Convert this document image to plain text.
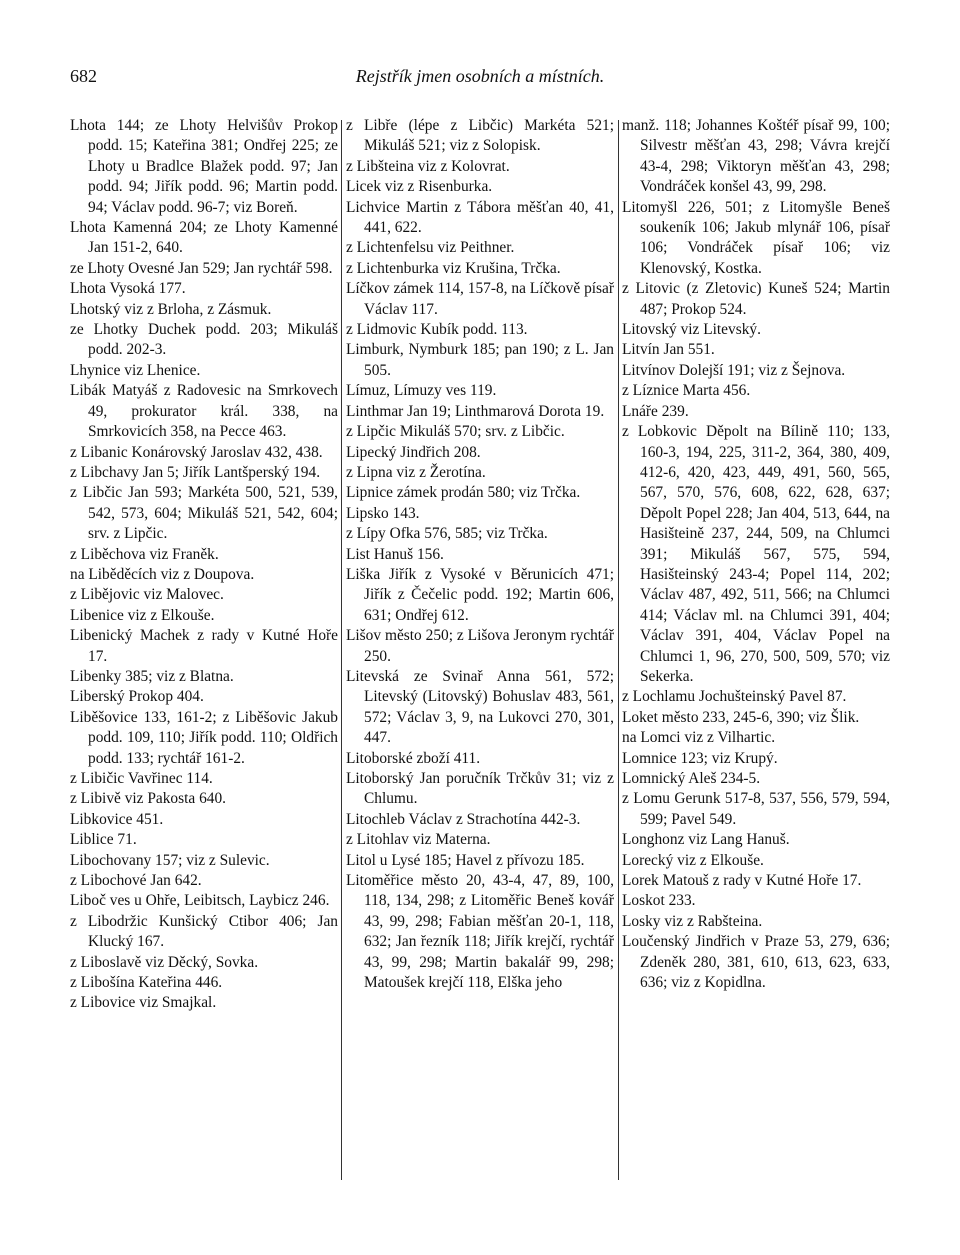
682	Rejstřík jmen osobních a místních.

Lhota 144; ze Lhoty Helvišův Prokop podd. 15; Kateřina 381; Ondřej 225; ze Lhoty u Bradlce Blažek podd. 97; Jan podd. 94; Jiřík podd. 96; Martin podd. 94; Václav podd. 96-7; viz Boreň.

Lhota Kamenná 204; ze Lhoty Kamenné Jan 151-2, 640.

ze Lhoty Ovesné Jan 529; Jan rychtář 598.

Lhota Vysoká 177.

Lhotský viz z Brloha, z Zásmuk.

ze Lhotky Duchek podd. 203; Mikuláš podd. 202-3.

Lhynice viz Lhenice.

Libák Matyáš z Radovesic na Smrkovech 49, prokurator král. 338, na Smrkovicích 358, na Pecce 463.

z Libanic Konárovský Jaroslav 432, 438.

z Libchavy Jan 5; Jiřík Lantšperský 194.

z Libčic Jan 593; Markéta 500, 521, 539, 542, 573, 604; Mikuláš 521, 542, 604; srv. z Lipčic.

z Liběchova viz Franěk.

na Liběděcích viz z Doupova.

z Libějovic viz Malovec.

Libenice viz z Elkouše.

Libenický Machek z rady v Kutné Hoře 17.

Libenky 385; viz z Blatna.

Liberský Prokop 404.

Liběšovice 133, 161-2; z Liběšovic Jakub podd. 109, 110; Jiřík podd. 110; Oldřich podd. 133; rychtář 161-2.

z Libičic Vavřinec 114.

z Libivě viz Pakosta 640.

Libkovice 451.

Liblice 71.

Libochovany 157; viz z Sulevic.

z Libochové Jan 642.

Liboč ves u Ohře, Leibitsch, Laybicz 246.

z Libodržic Kunšický Ctibor 406; Jan Klucký 167.

z Liboslavě viz Děcký, Sovka.

z Libošína Kateřina 446.

z Libovice viz Smajkal.

z Libře (lépe z Libčic) Markéta 521; Mikuláš 521; viz z Solopisk.

z Libšteina viz z Kolovrat.

Licek viz z Risenburka.

Lichvice Martin z Tábora měšťan 40, 41, 441, 622.

z Lichtenfelsu viz Peithner.

z Lichtenburka viz Krušina, Trčka.

Líčkov zámek 114, 157-8, na Líčkově písař Václav 117.

z Lidmovic Kubík podd. 113.

Limburk, Nymburk 185; pan 190; z L. Jan 505.

Límuz, Límuzy ves 119.

Linthmar Jan 19; Linthmarová Dorota 19.

z Lipčic Mikuláš 570; srv. z Libčic.

Lipecký Jindřich 208.

z Lipna viz z Žerotína.

Lipnice zámek prodán 580; viz Trčka.

Lipsko 143.

z Lípy Ofka 576, 585; viz Trčka.

List Hanuš 156.

Liška Jiřík z Vysoké v Běrunicích 471; Jiřík z Čečelic podd. 192; Martin 606, 631; Ondřej 612.

Lišov město 250; z Lišova Jeronym rychtář 250.

Litevská ze Svinař Anna 561, 572; Litevský (Litovský) Bohuslav 483, 561, 572; Václav 3, 9, na Lukovci 270, 301, 447.

Litoborské zboží 411.

Litoborský Jan poručník Trčkův 31; viz z Chlumu.

Litochleb Václav z Strachotína 442-3.

z Litohlav viz Materna.

Litol u Lysé 185; Havel z přívozu 185.

Litoměřice město 20, 43-4, 47, 89, 100, 118, 134, 298; z Litoměřic Beneš kovář 43, 99, 298; Fabian měšťan 20-1, 118, 632; Jan řezník 118; Jiřík krejčí, rychtář 43, 99, 298; Martin bakalář 99, 298; Matoušek krejčí 118, Elška jeho

manž. 118; Johannes Koštéř písař 99, 100; Silvestr měšťan 43, 298; Vávra krejčí 43-4, 298; Viktoryn měšťan 43, 298; Vondráček konšel 43, 99, 298.

Litomyšl 226, 501; z Litomyšle Beneš soukeník 106; Jakub mlynář 106, písař 106; Vondráček písař 106; viz Klenovský, Kostka.

z Litovic (z Zletovic) Kuneš 524; Martin 487; Prokop 524.

Litovský viz Litevský.

Litvín Jan 551.

Litvínov Dolejší 191; viz z Šejnova.

z Líznice Marta 456.

Lnáře 239.

z Lobkovic Děpolt na Bílině 110; 133, 160-3, 194, 225, 311-2, 364, 380, 409, 412-6, 420, 423, 449, 491, 560, 565, 567, 570, 576, 608, 622, 628, 637; Děpolt Popel 228; Jan 404, 513, 644, na Hasišteině 237, 244, 509, na Chlumci 391; Mikuláš 567, 575, 594, Hasišteinský 243-4; Popel 114, 202; Václav 487, 492, 511, 566; na Chlumci 414; Václav ml. na Chlumci 391, 404; Václav 391, 404, Václav Popel na Chlumci 1, 96, 270, 500, 509, 570; viz Sekerka.

z Lochlamu Jochušteinský Pavel 87.

Loket město 233, 245-6, 390; viz Šlik.

na Lomci viz z Vilhartic.

Lomnice 123; viz Krupý.

Lomnický Aleš 234-5.

z Lomu Gerunk 517-8, 537, 556, 579, 594, 599; Pavel 549.

Longhonz viz Lang Hanuš.

Lorecký viz z Elkouše.

Lorek Matouš z rady v Kutné Hoře 17.

Loskot 233.

Losky viz z Rabšteina.

Loučenský Jindřich v Praze 53, 279, 636; Zdeněk 280, 381, 610, 613, 623, 633, 636; viz z Kopidlna.
